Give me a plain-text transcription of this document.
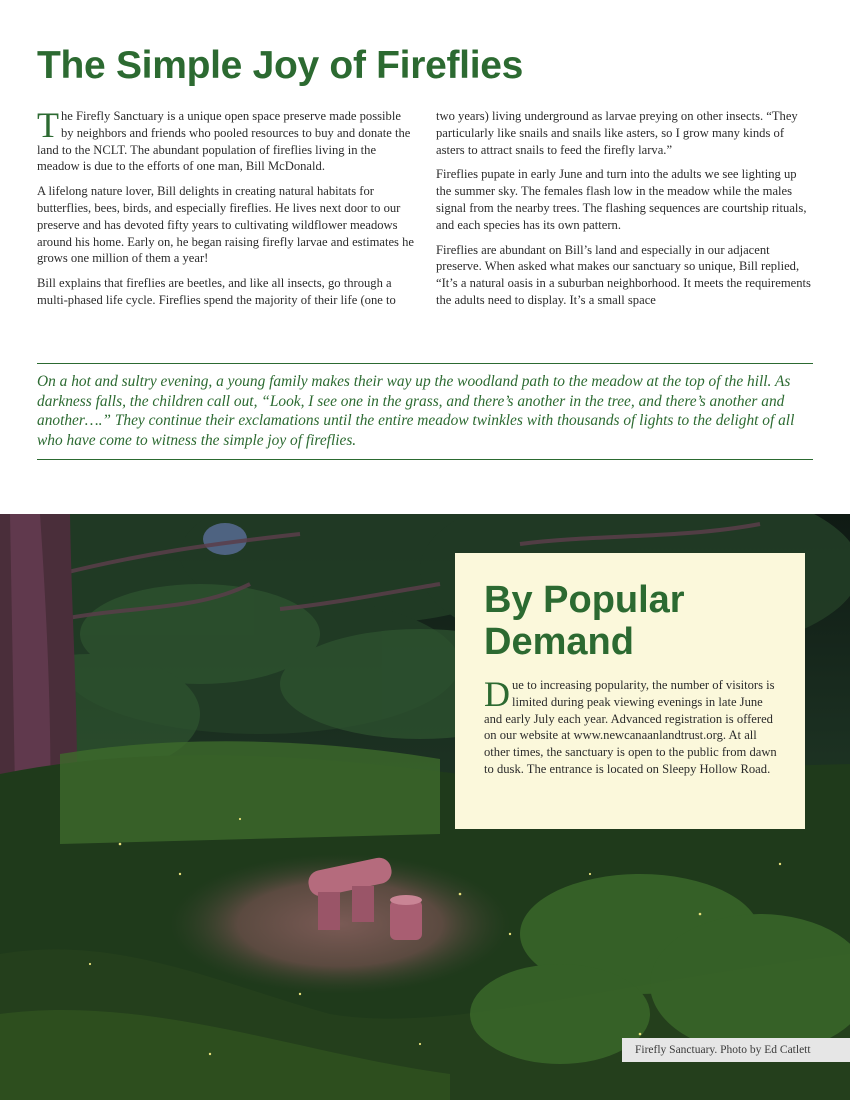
The Simple Joy of Fireflies

The Firefly Sanctuary is a unique open space preserve made possible by neighbors and friends who pooled resources to buy and donate the land to the NCLT. The abundant population of fireflies living in the meadow is due to the efforts of one man, Bill McDonald.

A lifelong nature lover, Bill delights in creating natural habitats for butterflies, bees, birds, and especially fireflies. He lives next door to our preserve and has devoted fifty years to cultivating wildflower meadows around his home. Early on, he began raising firefly larvae and estimates he grows one million of them a year!

Bill explains that fireflies are beetles, and like all insects, go through a multi-phased life cycle. Fireflies spend the majority of their life (one to two years) living underground as larvae preying on other insects. “They particularly like snails and snails like asters, so I grow many kinds of asters to attract snails to feed the firefly larva.”

Fireflies pupate in early June and turn into the adults we see lighting up the summer sky. The females flash low in the meadow while the males signal from the nearby trees. The flashing sequences are courtship rituals, and each species has its own pattern.

Fireflies are abundant on Bill’s land and especially in our adjacent preserve. When asked what makes our sanctuary so unique, Bill replied, “It’s a natural oasis in a suburban neighborhood. It meets the requirements the adults need to display. It’s a small space

On a hot and sultry evening, a young family makes their way up the woodland path to the meadow at the top of the hill. As darkness falls, the children call out, “Look, I see one in the grass, and there’s another in the tree, and there’s another and another….” They continue their exclamations until the entire meadow twinkles with thousands of lights to the delight of all who have come to witness the simple joy of fireflies.

By Popular Demand

Due to increasing popularity, the number of visitors is limited during peak viewing evenings in late June and early July each year. Advanced registration is offered on our website at www.newcanaanlandtrust.org. At all other times, the sanctuary is open to the public from dawn to dusk. The entrance is located on Sleepy Hollow Road.

Firefly Sanctuary. Photo by Ed Catlett
